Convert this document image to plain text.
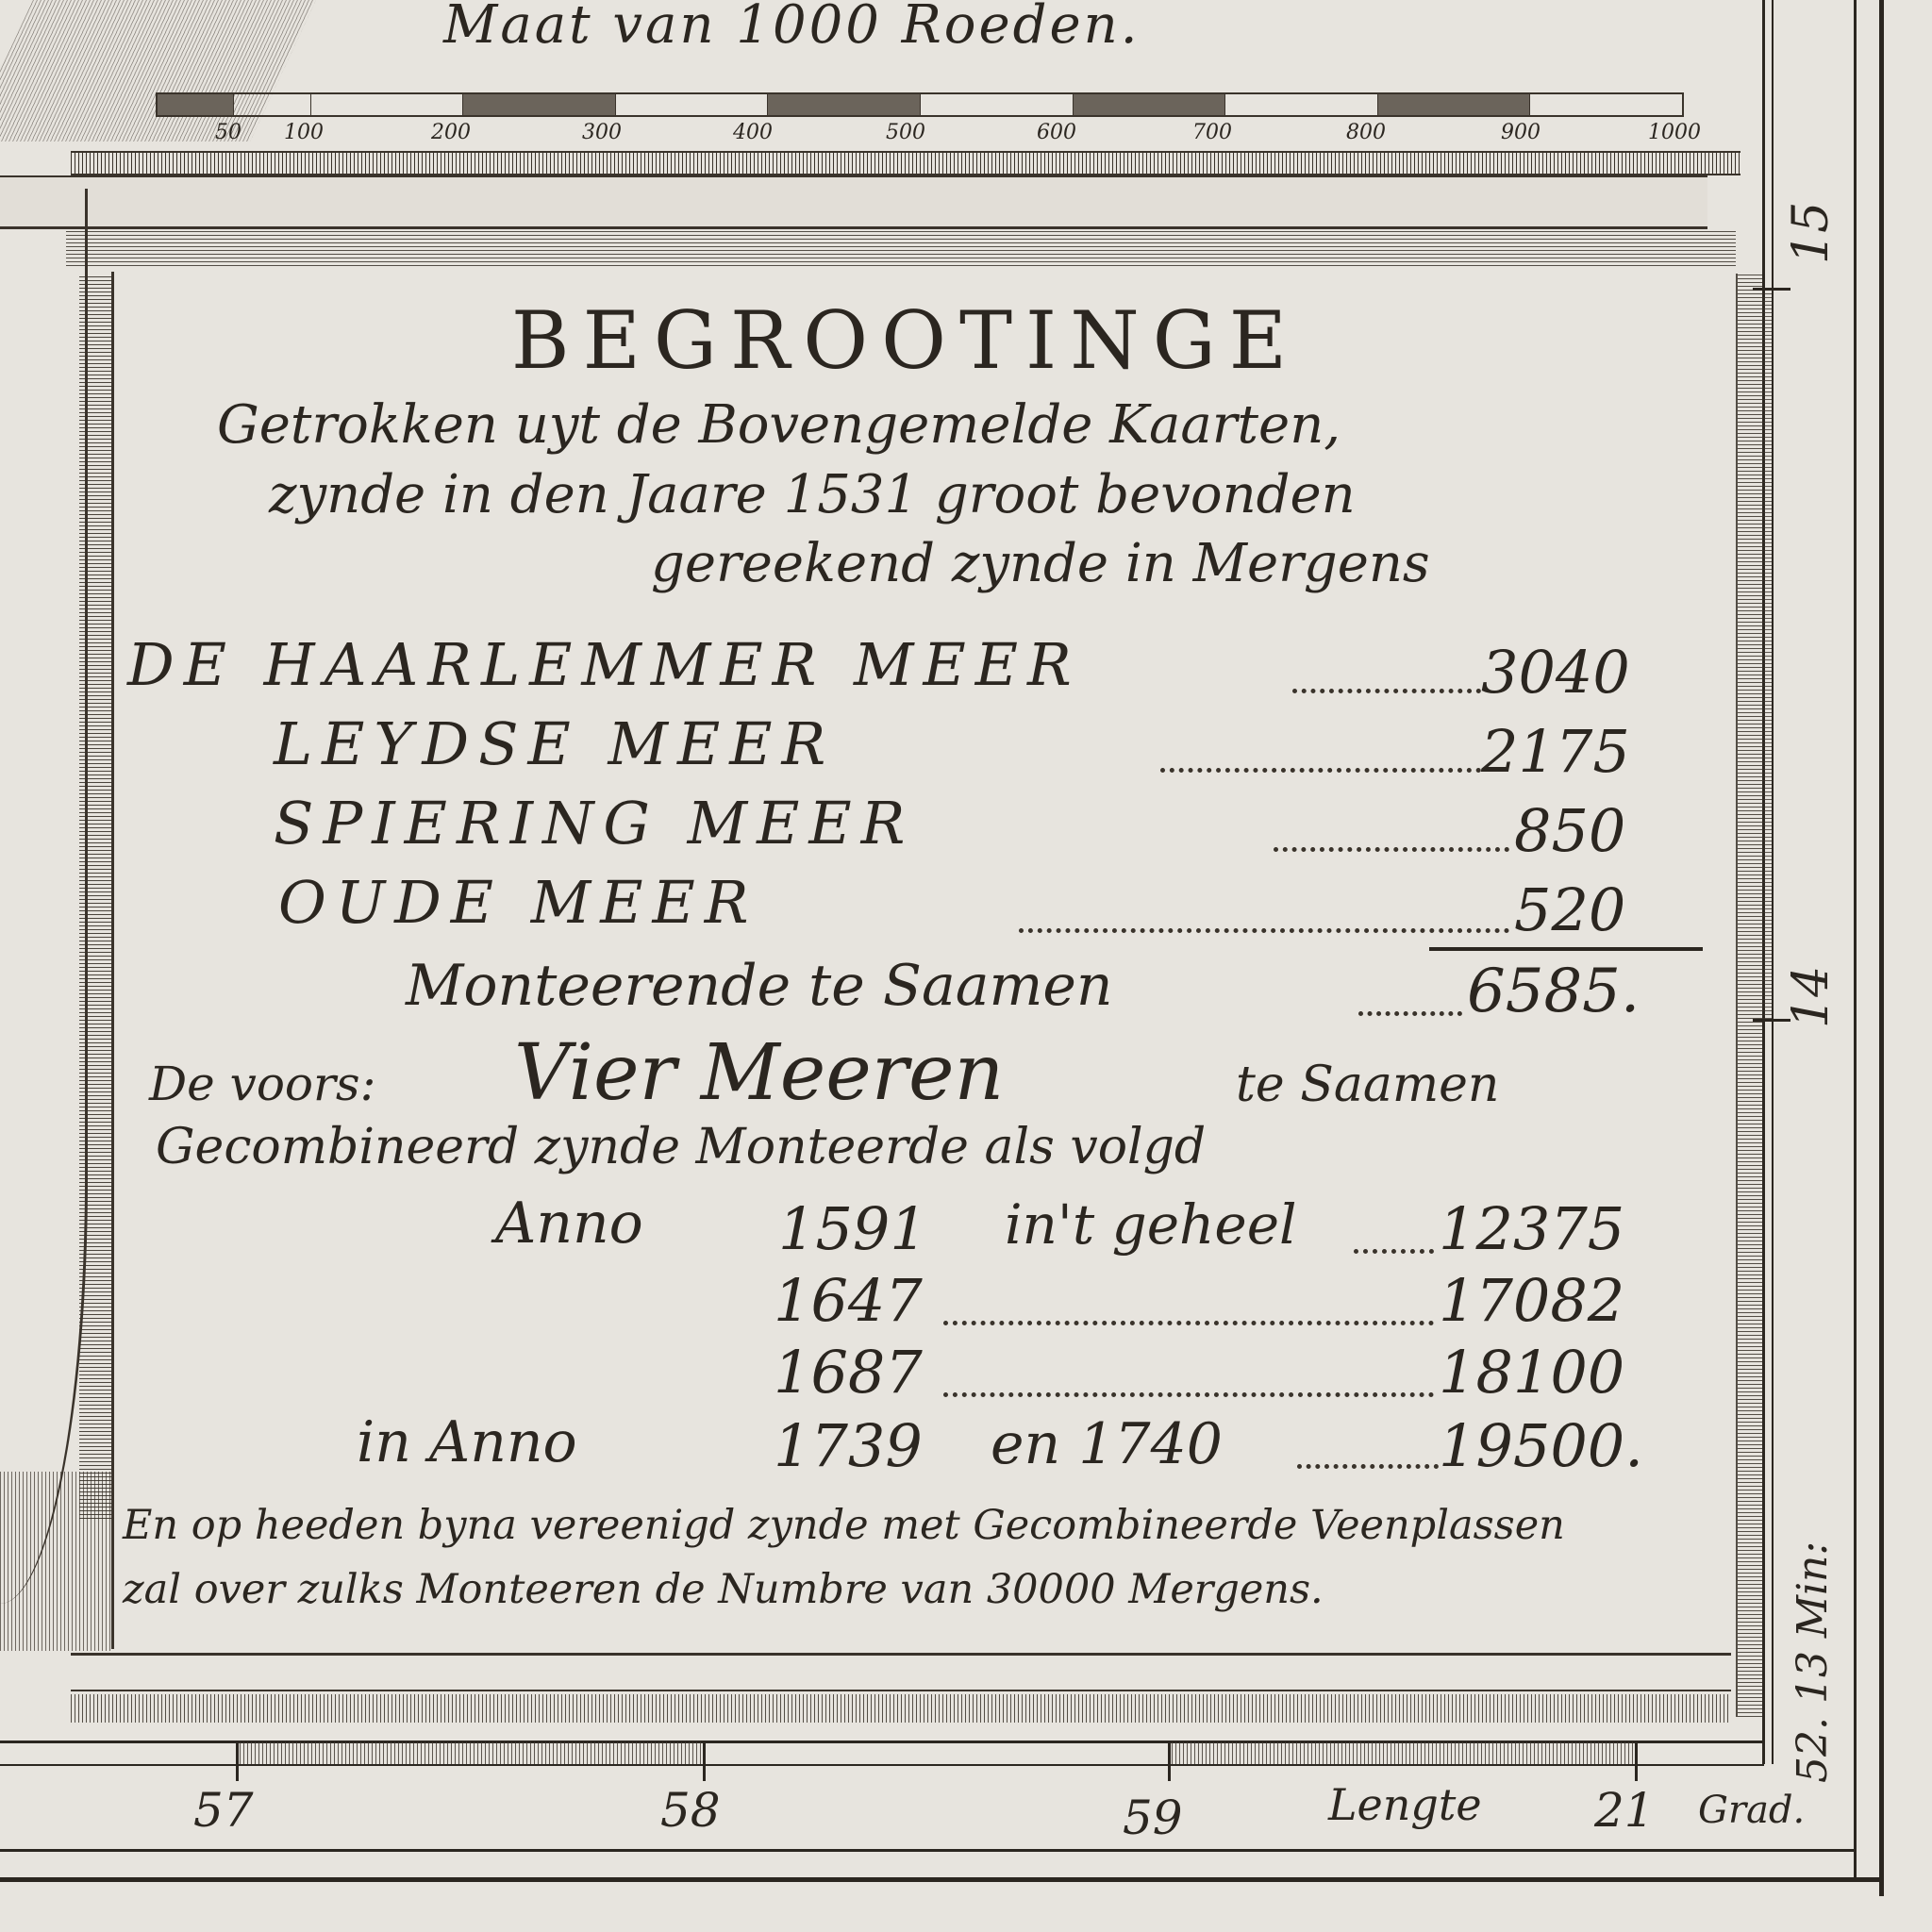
Maat van 1000 Roeden.
50 100	200	300	400	500	600	700	800	900	1000
BEGROOTINGE
Getrokken uyt de Bovengemelde Kaarten,
zynde in den Jaare 1531 groot bevonden
gereekend zynde in Mergens
DE HAARLEMMER MEER	3040
LEYDSE MEER	2175
SPIERING MEER	850
OUDE MEER	520
Monteerende te Saamen	6585.
De voors: Vier Meeren	te Saamen
Gecombineerd zynde Monteerde als volgd
Anno 1591 in't geheel 12375
1647	17082
1687	18100
in Anno	1739 en 1740	19500.
En op heeden byna vereenigd zynde met Gecombineerde Veenplassen
zal over zulks Monteeren de Numbre van 30000 Mergens.
57	58	59	Lengte 21 Grad.
15
14
52. 13 Min:
